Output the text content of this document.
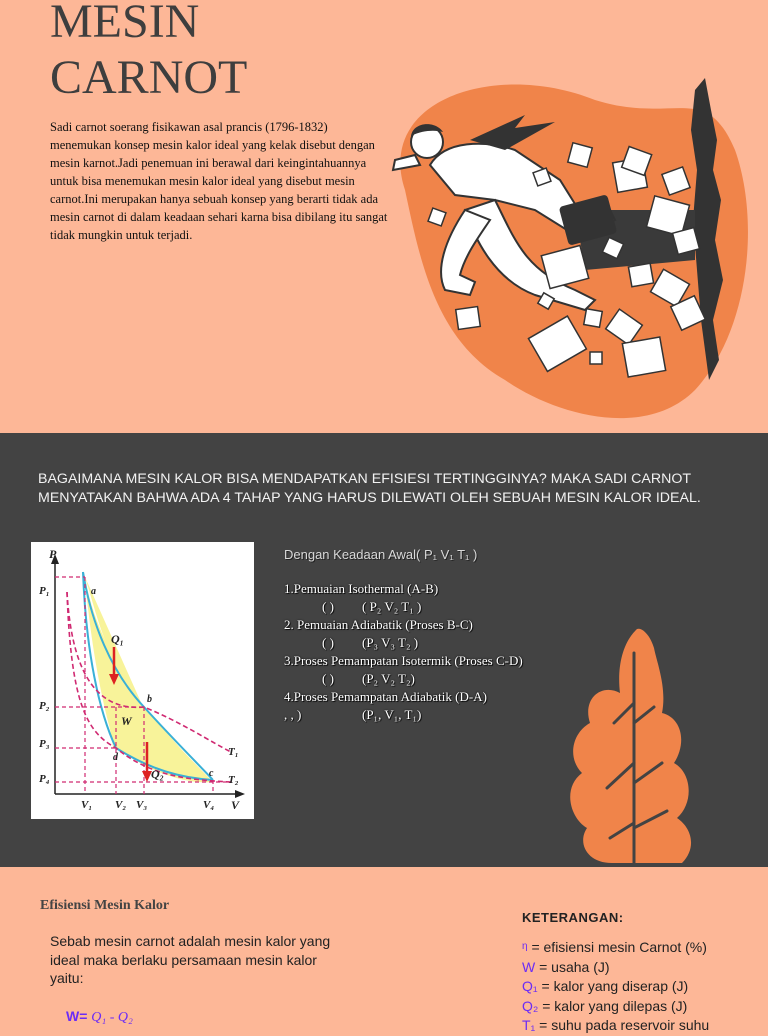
MESIN
CARNOT

Sadi carnot soerang fisikawan asal prancis (1796-1832) menemukan konsep mesin kalor ideal yang kelak disebut dengan mesin karnot.Jadi penemuan ini berawal dari keingintahuannya untuk bisa menemukan mesin kalor ideal yang disebut mesin carnot.Ini merupakan hanya sebuah konsep yang berarti tidak ada mesin carnot di dalam keadaan sehari karna bisa dibilang itu sangat tidak mungkin untuk terjadi.

BAGAIMANA MESIN KALOR BISA MENDAPATKAN EFISIESI TERTINGGINYA? MAKA SADI CARNOT MENYATAKAN BAHWA ADA 4 TAHAP YANG HARUS DILEWATI OLEH SEBUAH MESIN KALOR IDEAL.

P
V
P₁
P₂
P₃
P₄
V₁ V₂ V₃	V₄
a
b
c
d
Q₁
Q₂
W
T₁
T₂
Dengan Keadaan Awal( P₁ V₁ T₁ )
1.Pemuaian Isothermal (A-B)
( ) ( P₂ V₂ T₁ )
2. Pemuaian Adiabatik (Proses B-C)
( ) (P₃ V₃ T₂ )
3.Proses Pemampatan Isotermik (Proses C-D)
( ) (P₂ V₂ T₂)
4.Proses Pemampatan Adiabatik (D-A)
, , )	(P₁, V₁, T₁)
Efisiensi Mesin Kalor

Sebab mesin carnot adalah mesin kalor yang ideal maka berlaku persamaan mesin kalor yaitu:

W= Q₁ - Q₂
KETERANGAN:
η = efisiensi mesin Carnot (%)
W = usaha (J)
Q₁ = kalor yang diserap (J)
Q₂ = kalor yang dilepas (J)
T₁ = suhu pada reservoir suhu
